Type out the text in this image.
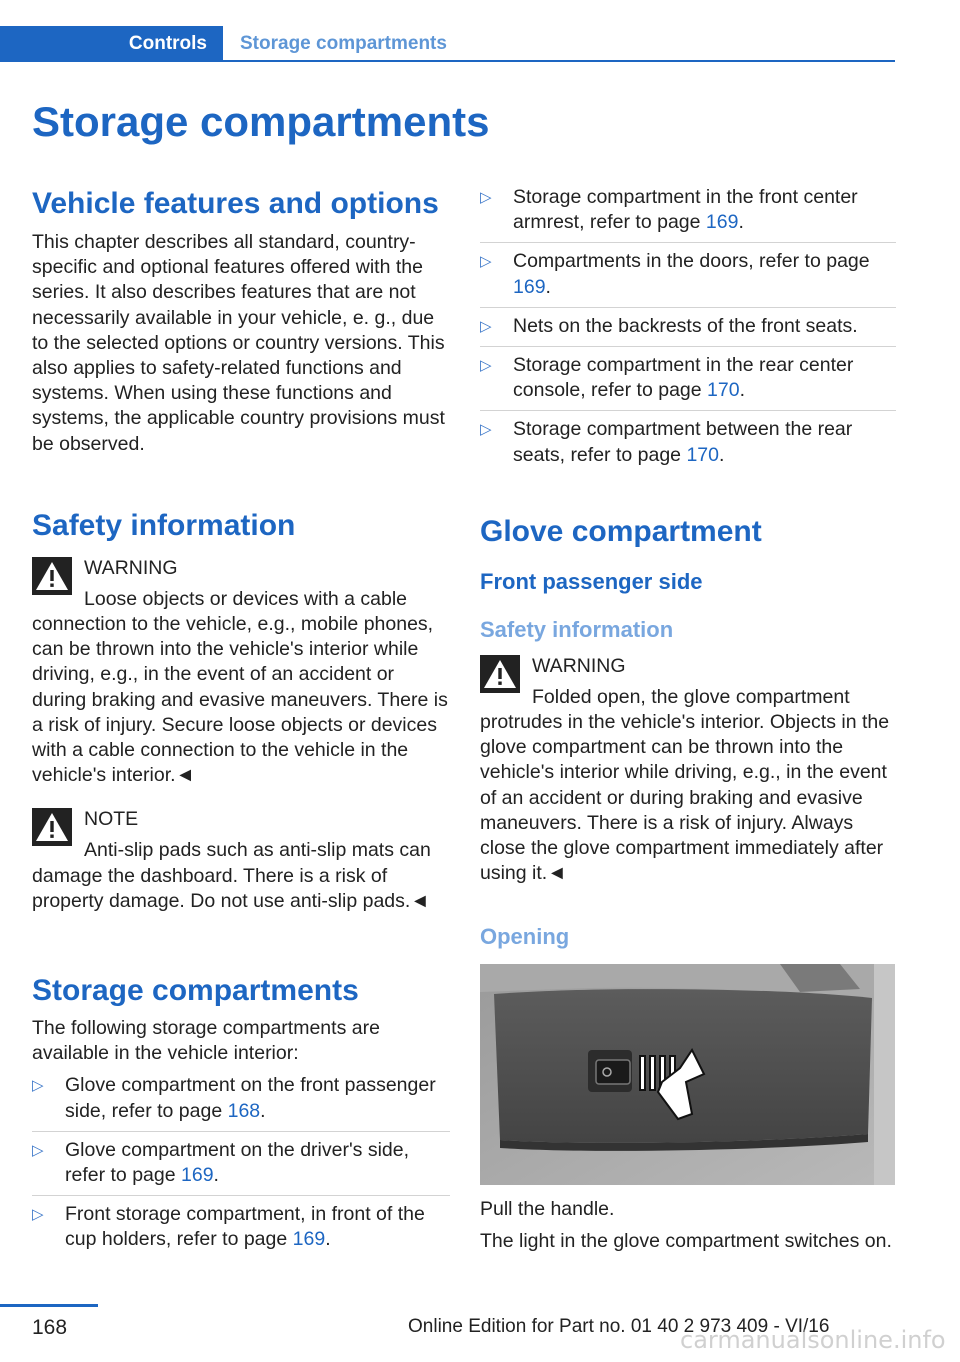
Controls	Storage compartments
Storage compartments
Vehicle features and options

This chapter describes all standard, country-specific and optional features offered with the series. It also describes features that are not necessarily available in your vehicle, e. g., due to the selected options or country versions. This also applies to safety-related functions and systems. When using these functions and systems, the applicable country provisions must be observed.

Safety information
WARNING

Loose objects or devices with a cable

connection to the vehicle, e.g., mobile phones, can be thrown into the vehicle's interior while driving, e.g., in the event of an accident or during braking and evasive maneuvers. There is a risk of injury. Secure loose objects or devices with a cable connection to the vehicle in the vehicle's interior.◄

NOTE

Anti-slip pads such as anti-slip mats can

damage the dashboard. There is a risk of property damage. Do not use anti-slip pads.◄

Storage compartments

The following storage compartments are available in the vehicle interior:

▷ Glove compartment on the front passenger side, refer to page 168.
▷ Glove compartment on the driver's side, refer to page 169.
▷ Front storage compartment, in front of the cup holders, refer to page 169.
▷ Storage compartment in the front center armrest, refer to page 169.
▷ Compartments in the doors, refer to page 169.
▷ Nets on the backrests of the front seats.
▷ Storage compartment in the rear center console, refer to page 170.
▷ Storage compartment between the rear seats, refer to page 170.
Glove compartment
Front passenger side
Safety information
WARNING

Folded open, the glove compartment

protrudes in the vehicle's interior. Objects in the glove compartment can be thrown into the vehicle's interior while driving, e.g., in the event of an accident or during braking and evasive maneuvers. There is a risk of injury. Always close the glove compartment immediately after using it.◄

Opening

Pull the handle.

The light in the glove compartment switches on.

168	Online Edition for Part no. 01 40 2 973 409 - VI/16
carmanualsonline.info
